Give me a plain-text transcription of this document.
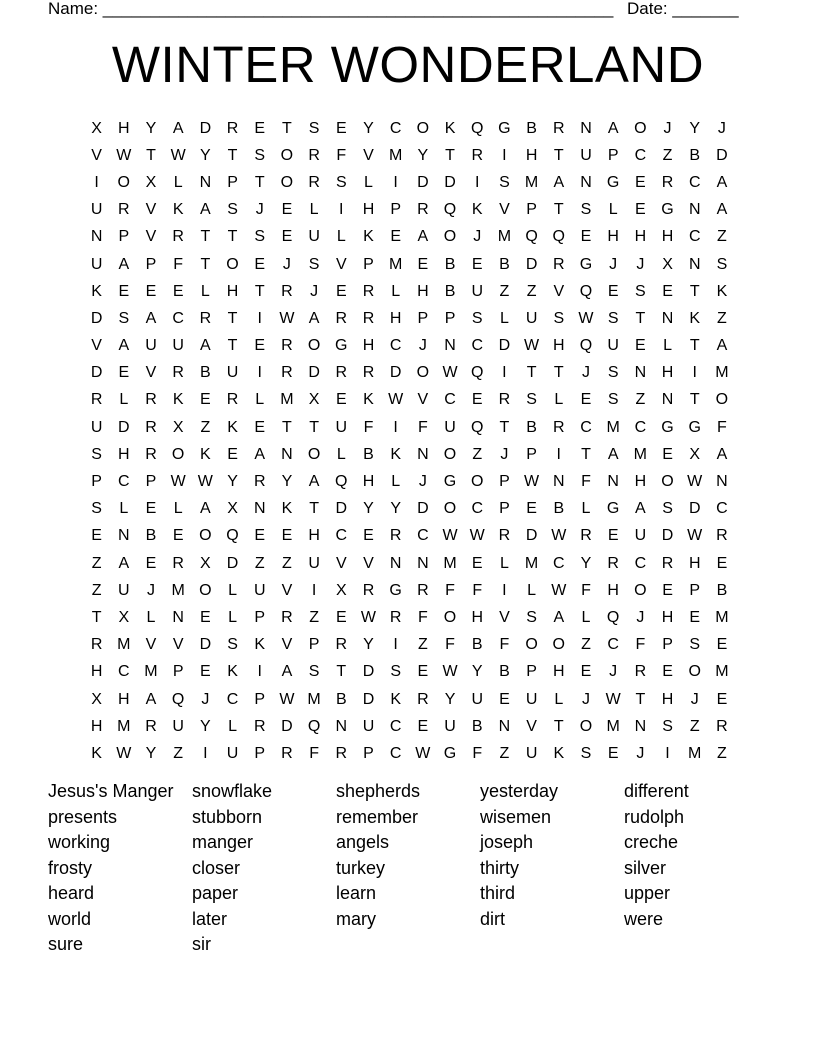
Name: ______________________________________________________ Date: _______
WINTER WONDERLAND
X	H	Y	A	D R	E	T	S	E	Y	C O K Q G B	R N	A O	J	Y	J
V W T W Y	T	S O R	F	V M Y	T	R	I	H	T	U	P	C	Z	B	D
I	O X	L	N	P	T	O R	S	L	I	D D	I	S M A	N G E	R C	A
U R	V	K	A	S	J	E	L	I	H	P	R Q K	V	P	T	S	L	E G N	A
N	P	V	R	T	T	S	E	U	L	K	E	A O	J	M Q Q E	H H H C	Z
U	A	P	F	T	O E	J	S	V	P M E	B	E	B	D R G	J	J	X	N	S
K	E	E	E	L	H	T	R	J	E	R	L	H	B	U	Z	Z	V Q E	S	E	T	K
D	S	A	C R	T	I	W A	R R H	P	P	S	L	U	S W S	T	N	K	Z
V	A	U U	A	T	E	R O G H C	J	N C D W H Q U	E	L	T	A
D	E	V	R	B	U	I	R D R R D O W Q	I	T	T	J	S	N H	I	M
R	L	R	K	E	R	L	M X	E	K W V	C	E	R	S	L	E	S	Z	N	T	O
U D R	X	Z	K	E	T	T	U	F	I	F	U Q	T	B	R C M C G G	F
S	H R O K	E	A	N O	L	B	K	N O	Z	J	P	I	T	A M E	X	A
P	C	P W W Y	R	Y	A Q H	L	J	G O P W N	F	N H O W N
S	L	E	L	A	X	N	K	T	D	Y	Y	D O C	P	E	B	L	G A	S	D C
E	N	B	E O Q E	E	H C	E	R C W W R D W R	E	U D W R
Z	A	E	R	X	D	Z	Z	U	V	V	N N M E	L	M C	Y	R C R H	E
Z	U	J	M O	L	U	V	I	X	R G R	F	F	I	L W F	H O E	P	B
T	X	L	N	E	L	P	R	Z	E W R	F	O H	V	S	A	L	Q	J	H	E M
R M V	V	D	S	K	V	P	R	Y	I	Z	F	B	F	O O	Z	C	F	P	S	E
H C M P	E	K	I	A	S	T	D	S	E W Y	B	P	H	E	J	R	E O M
X	H	A Q	J	C	P W M B	D	K	R	Y	U	E	U	L	J W T	H	J	E
H M R U	Y	L	R D Q N U C	E	U	B	N	V	T	O M N	S	Z	R
K W Y	Z	I	U	P	R	F	R	P	C W G	F	Z	U	K	S	E	J	I	M Z
Jesus's Manger	snowflake	shepherds	yesterday	different
presents	stubborn	remember	wisemen	rudolph
working	manger	angels	joseph	creche
frosty	closer	turkey	thirty	silver
heard	paper	learn	third	upper
world	later	mary	dirt	were
sure	sir
